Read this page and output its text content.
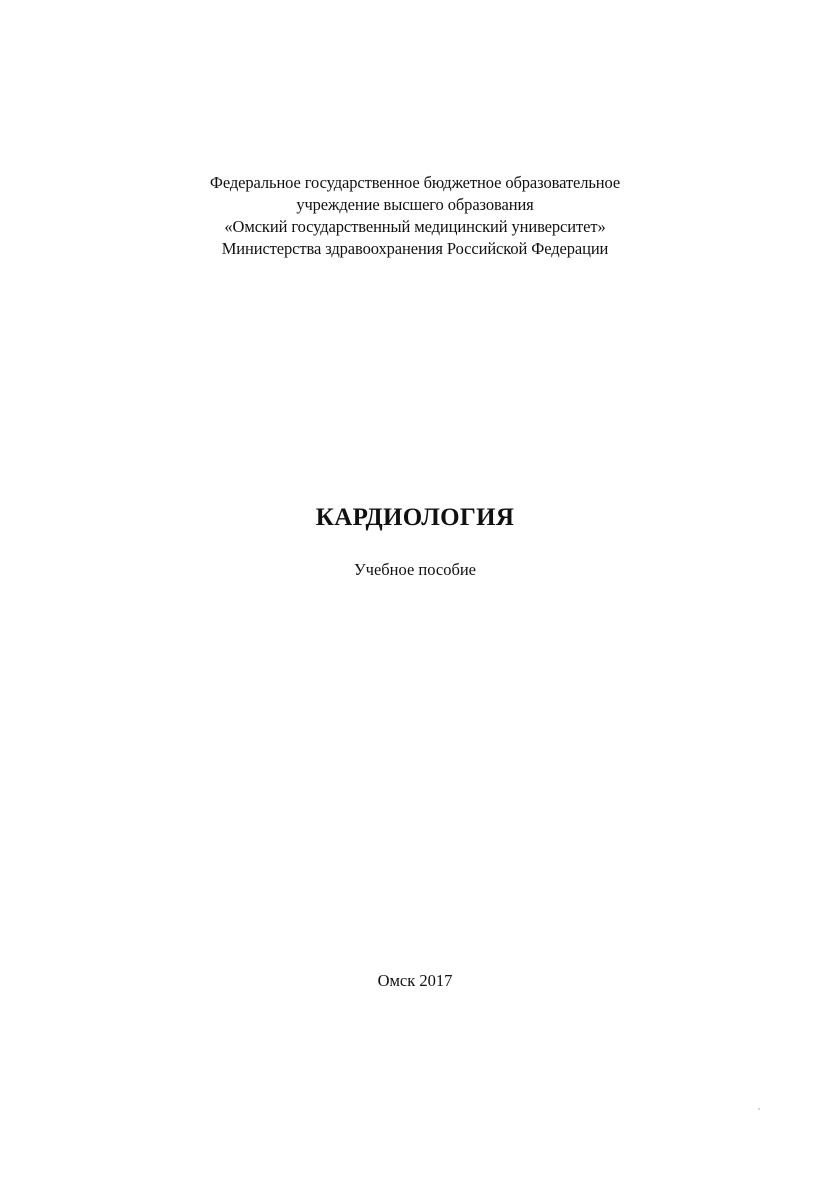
Федеральное государственное бюджетное образовательное
учреждение высшего образования
«Омский государственный медицинский университет»
Министерства здравоохранения Российской Федерации
КАРДИОЛОГИЯ
Учебное пособие
Омск 2017
